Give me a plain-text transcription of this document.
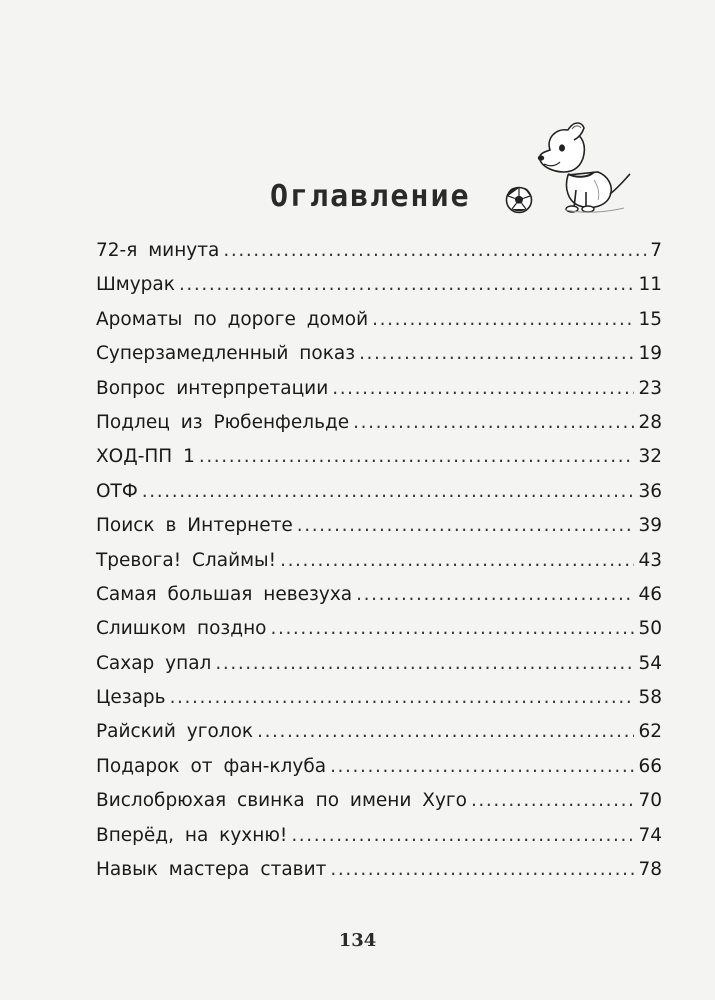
Оглавление
72-я минута .....	7
Шмурак .....	11
Ароматы по дороге домой .....	15
Суперзамедленный показ .....	19
Вопрос интерпретации .....	23
Подлец из Рюбенфельде .....	28
ХОД-ПП 1 .....	32
ОТФ .....	36
Поиск в Интернете .....	39
Тревога! Слаймы! .....	43
Самая большая невезуха .....	46
Слишком поздно .....	50
Сахар упал .....	54
Цезарь .....	58
Райский уголок .....	62
Подарок от фан-клуба .....	66
Вислобрюхая свинка по имени Хуго .....	70
Вперёд, на кухню! .....	74
Навык мастера ставит .....	78
134
